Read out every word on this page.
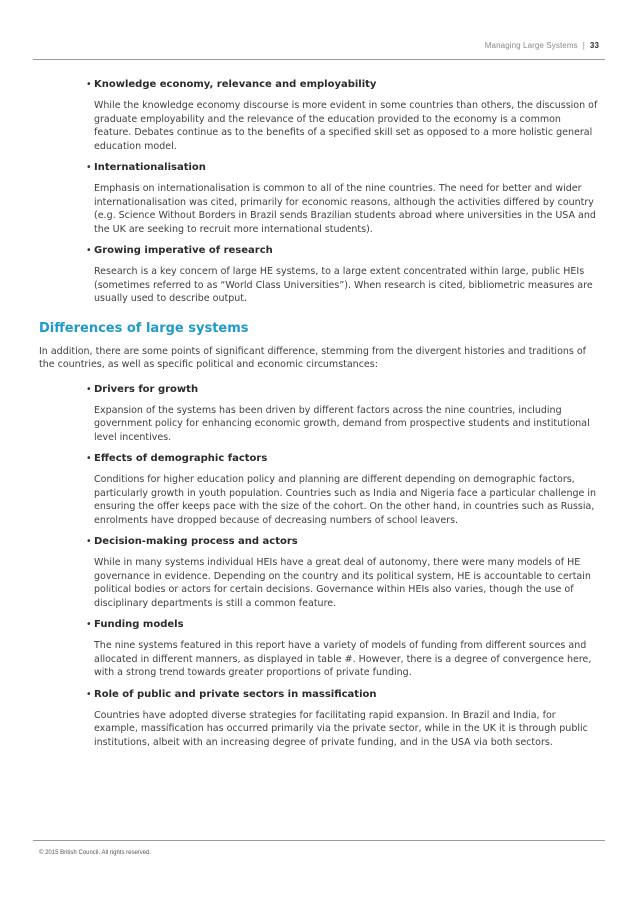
Managing Large Systems | 33
• Knowledge economy, relevance and employability
While the knowledge economy discourse is more evident in some countries than others, the discussion of graduate employability and the relevance of the education provided to the economy is a common feature. Debates continue as to the benefits of a specified skill set as opposed to a more holistic general education model.
• Internationalisation
Emphasis on internationalisation is common to all of the nine countries. The need for better and wider internationalisation was cited, primarily for economic reasons, although the activities differed by country (e.g. Science Without Borders in Brazil sends Brazilian students abroad where universities in the USA and the UK are seeking to recruit more international students).
• Growing imperative of research
Research is a key concern of large HE systems, to a large extent concentrated within large, public HEIs (sometimes referred to as “World Class Universities”). When research is cited, bibliometric measures are usually used to describe output.
Differences of large systems
In addition, there are some points of significant difference, stemming from the divergent histories and traditions of the countries, as well as specific political and economic circumstances:
• Drivers for growth
Expansion of the systems has been driven by different factors across the nine countries, including government policy for enhancing economic growth, demand from prospective students and institutional level incentives.
• Effects of demographic factors
Conditions for higher education policy and planning are different depending on demographic factors, particularly growth in youth population. Countries such as India and Nigeria face a particular challenge in ensuring the offer keeps pace with the size of the cohort. On the other hand, in countries such as Russia, enrolments have dropped because of decreasing numbers of school leavers.
• Decision-making process and actors
While in many systems individual HEIs have a great deal of autonomy, there were many models of HE governance in evidence. Depending on the country and its political system, HE is accountable to certain political bodies or actors for certain decisions. Governance within HEIs also varies, though the use of disciplinary departments is still a common feature.
• Funding models
The nine systems featured in this report have a variety of models of funding from different sources and allocated in different manners, as displayed in table #. However, there is a degree of convergence here, with a strong trend towards greater proportions of private funding.
• Role of public and private sectors in massification
Countries have adopted diverse strategies for facilitating rapid expansion. In Brazil and India, for example, massification has occurred primarily via the private sector, while in the UK it is through public institutions, albeit with an increasing degree of private funding, and in the USA via both sectors.
© 2015 British Council. All rights reserved.
